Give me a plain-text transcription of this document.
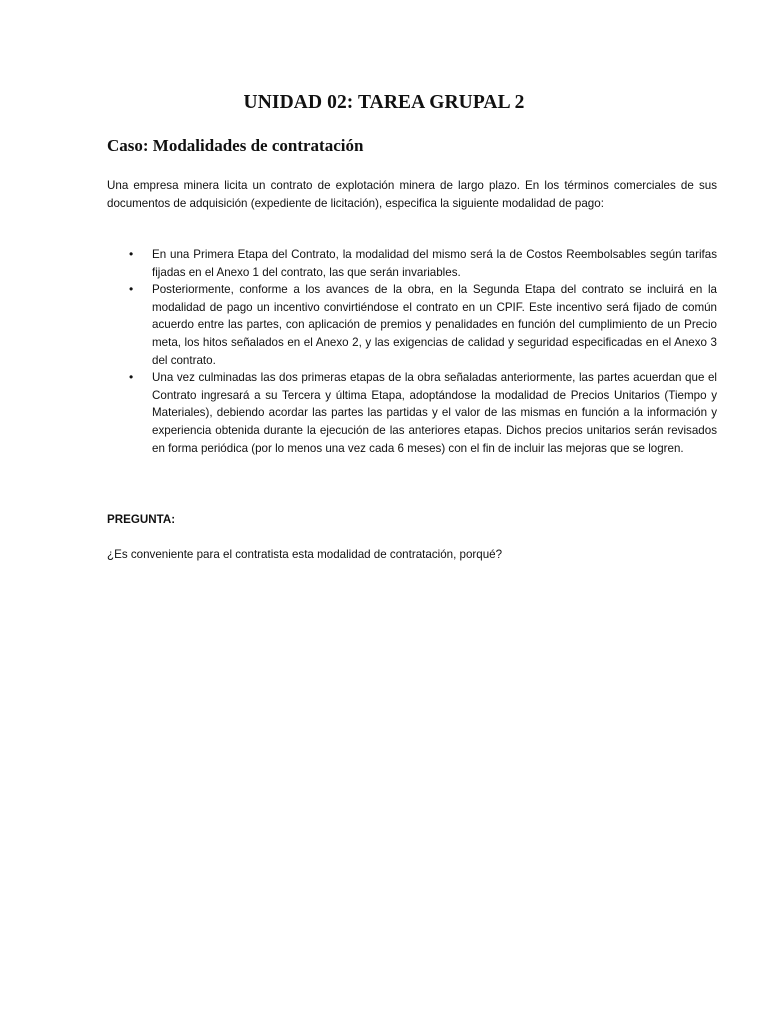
UNIDAD 02: TAREA GRUPAL 2
Caso: Modalidades de contratación

Una empresa minera licita un contrato de explotación minera de largo plazo. En los términos comerciales de sus documentos de adquisición (expediente de licitación), especifica la siguiente modalidad de pago:

• En una Primera Etapa del Contrato, la modalidad del mismo será la de Costos Reembolsables según tarifas fijadas en el Anexo 1 del contrato, las que serán invariables.
• Posteriormente, conforme a los avances de la obra, en la Segunda Etapa del contrato se incluirá en la modalidad de pago un incentivo convirtiéndose el contrato en un CPIF. Este incentivo será fijado de común acuerdo entre las partes, con aplicación de premios y penalidades en función del cumplimiento de un Precio meta, los hitos señalados en el Anexo 2, y las exigencias de calidad y seguridad especificadas en el Anexo 3 del contrato.
• Una vez culminadas las dos primeras etapas de la obra señaladas anteriormente, las partes acuerdan que el Contrato ingresará a su Tercera y última Etapa, adoptándose la modalidad de Precios Unitarios (Tiempo y Materiales), debiendo acordar las partes las partidas y el valor de las mismas en función a la información y experiencia obtenida durante la ejecución de las anteriores etapas. Dichos precios unitarios serán revisados en forma periódica (por lo menos una vez cada 6 meses) con el fin de incluir las mejoras que se logren.

PREGUNTA:

¿Es conveniente para el contratista esta modalidad de contratación, porqué?
